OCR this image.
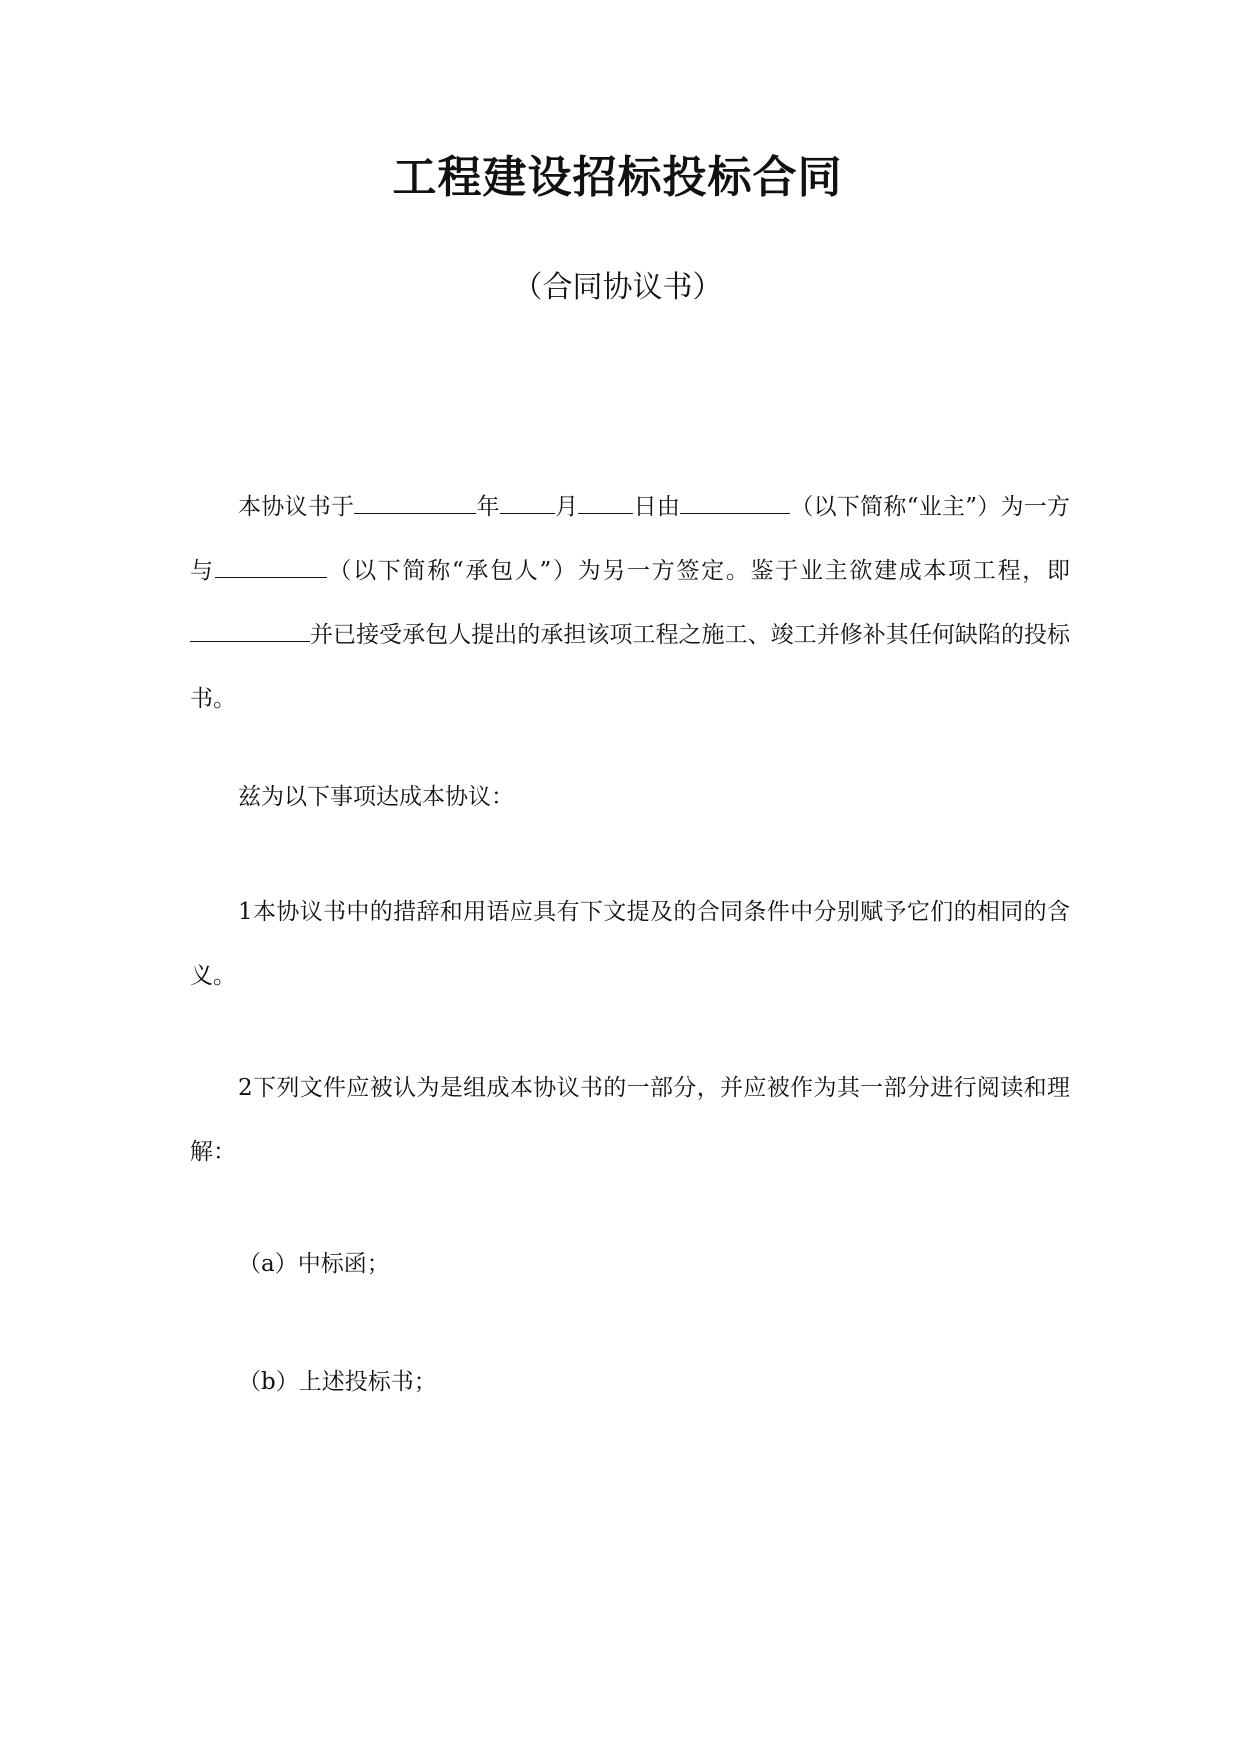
工程建设招标投标合同

（合同协议书）

本协议书于	年 月 日由	（以下简称“业主”）为一方与	（以下简称“承包人”）为另一方签定。鉴于业主欲建成本项工程，即并已接受承包人提出的承担该项工程之施工、竣工并修补其任何缺陷的投标书。

兹为以下事项达成本协议：

1本协议书中的措辞和用语应具有下文提及的合同条件中分别赋予它们的相同的含义。

2下列文件应被认为是组成本协议书的一部分，并应被作为其一部分进行阅读和理解：

（a）中标函；

（b）上述投标书；
